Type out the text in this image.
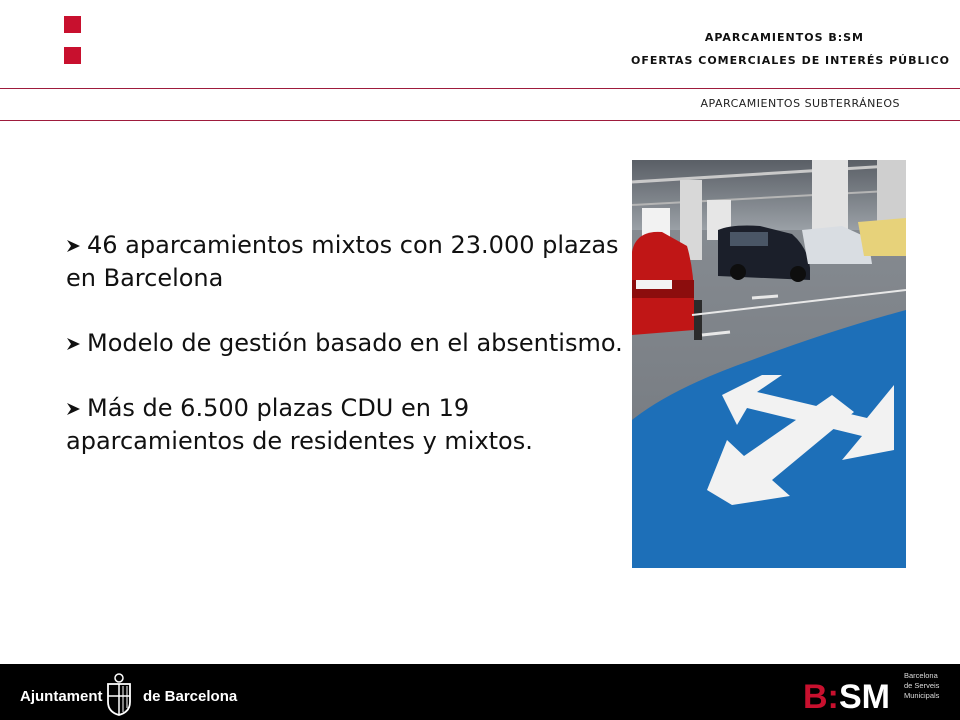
APARCAMIENTOS B:SM
OFERTAS COMERCIALES DE INTERÉS PÚBLICO
APARCAMIENTOS SUBTERRÁNEOS
46 aparcamientos mixtos con 23.000 plazas en Barcelona
Modelo de gestión basado en el absentismo.
Más de 6.500 plazas CDU en 19 aparcamientos de residentes y mixtos.
Ajuntament	de Barcelona	B: SM
Barcelona
de Serveis
Municipals
